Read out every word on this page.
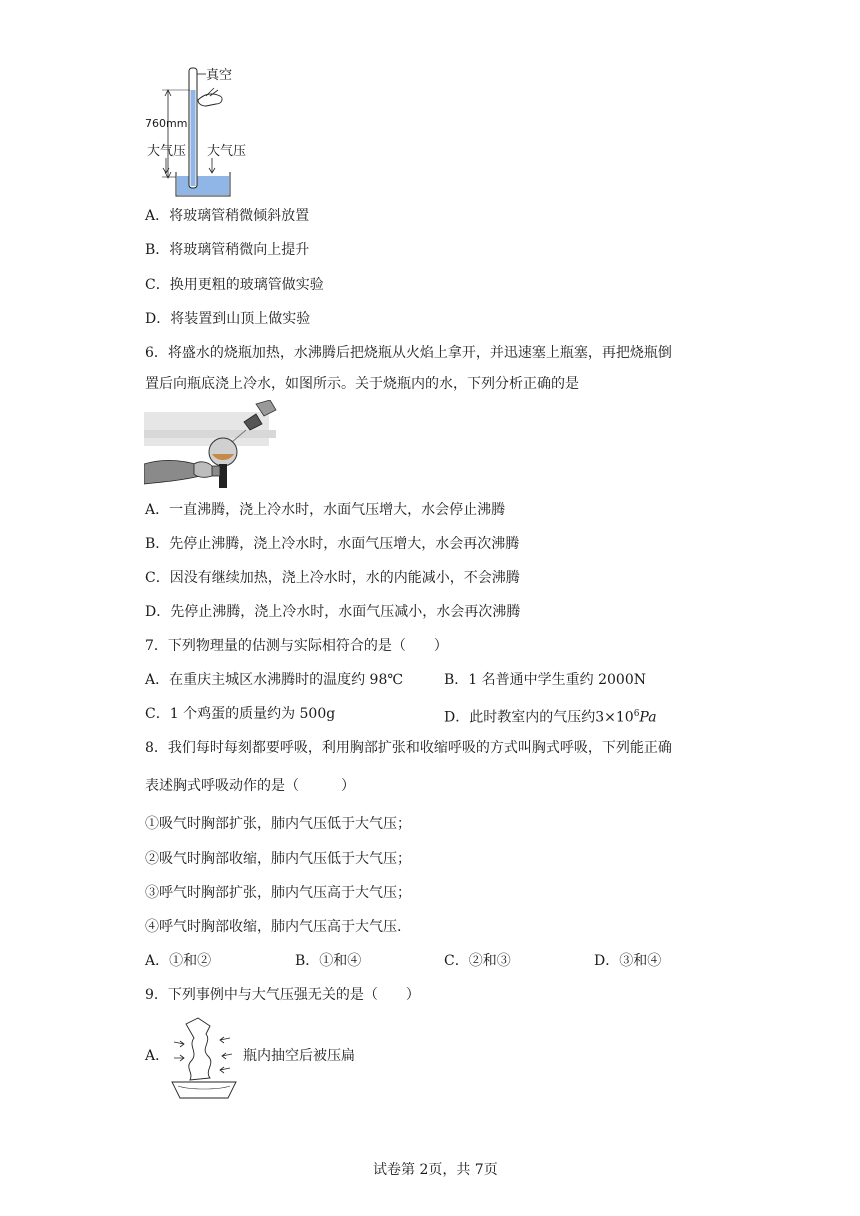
真空
760mm
大气压 大气压
A．将玻璃管稍微倾斜放置
B．将玻璃管稍微向上提升
C．换用更粗的玻璃管做实验
D．将装置到山顶上做实验
6．将盛水的烧瓶加热，水沸腾后把烧瓶从火焰上拿开，并迅速塞上瓶塞，再把烧瓶倒
置后向瓶底浇上冷水，如图所示。关于烧瓶内的水，下列分析正确的是
A．一直沸腾，浇上冷水时，水面气压增大，水会停止沸腾
B．先停止沸腾，浇上冷水时，水面气压增大，水会再次沸腾
C．因没有继续加热，浇上冷水时，水的内能减小，不会沸腾
D．先停止沸腾，浇上冷水时，水面气压减小，水会再次沸腾
7．下列物理量的估测与实际相符合的是（　　）
A．在重庆主城区水沸腾时的温度约 98℃	B．1 名普通中学生重约 2000N
C．1 个鸡蛋的质量约为 500g	D．此时教室内的气压约$3\times 10^6Pa$
8．我们每时每刻都要呼吸，利用胸部扩张和收缩呼吸的方式叫胸式呼吸，下列能正确
表述胸式呼吸动作的是（　　　）
①吸气时胸部扩张，肺内气压低于大气压；
②吸气时胸部收缩，肺内气压低于大气压；
③呼气时胸部扩张，肺内气压高于大气压；
④呼气时胸部收缩，肺内气压高于大气压.
A．①和②	B．①和④	C．②和③	D．③和④
9．下列事例中与大气压强无关的是（　　）
A．	瓶内抽空后被压扁
试卷第 2页，共 7页
